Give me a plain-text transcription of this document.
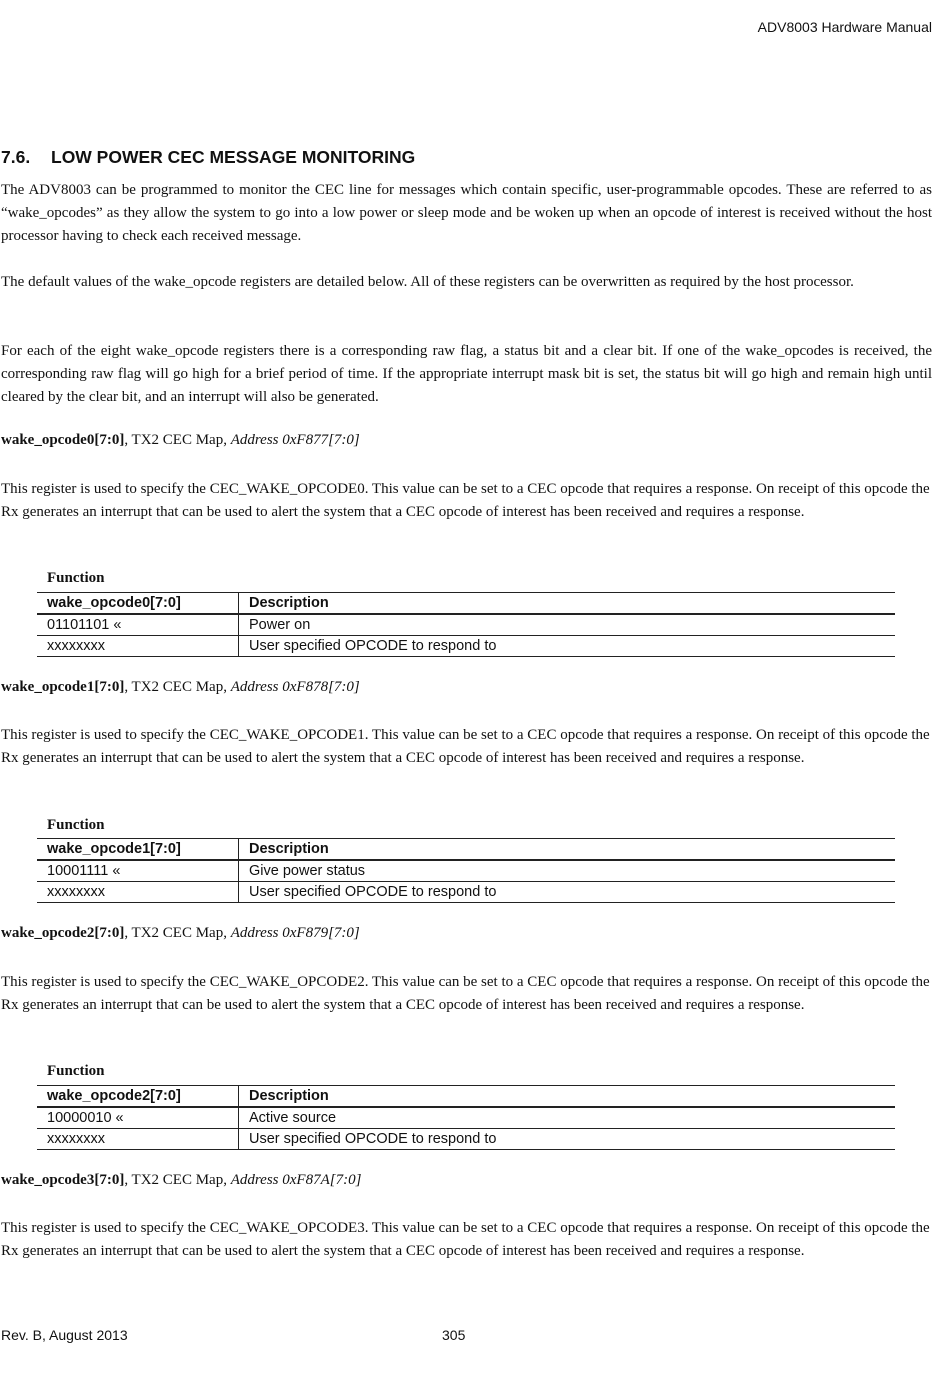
ADV8003 Hardware Manual
7.6. LOW POWER CEC MESSAGE MONITORING

The ADV8003 can be programmed to monitor the CEC line for messages which contain specific, user-programmable opcodes. These are referred to as “wake_opcodes” as they allow the system to go into a low power or sleep mode and be woken up when an opcode of interest is received without the host processor having to check each received message.

The default values of the wake_opcode registers are detailed below. All of these registers can be overwritten as required by the host processor.

For each of the eight wake_opcode registers there is a corresponding raw flag, a status bit and a clear bit. If one of the wake_opcodes is received, the corresponding raw flag will go high for a brief period of time. If the appropriate interrupt mask bit is set, the status bit will go high and remain high until cleared by the clear bit, and an interrupt will also be generated.

wake_opcode0[7:0], TX2 CEC Map, Address 0xF877[7:0]

This register is used to specify the CEC_WAKE_OPCODE0. This value can be set to a CEC opcode that requires a response. On receipt of this opcode the Rx generates an interrupt that can be used to alert the system that a CEC opcode of interest has been received and requires a response.

Function
wake_opcode0[7:0]	Description
01101101 «	Power on
xxxxxxxx	User specified OPCODE to respond to
wake_opcode1[7:0], TX2 CEC Map, Address 0xF878[7:0]

This register is used to specify the CEC_WAKE_OPCODE1. This value can be set to a CEC opcode that requires a response. On receipt of this opcode the Rx generates an interrupt that can be used to alert the system that a CEC opcode of interest has been received and requires a response.

Function
wake_opcode1[7:0]	Description
10001111 «	Give power status
xxxxxxxx	User specified OPCODE to respond to
wake_opcode2[7:0], TX2 CEC Map, Address 0xF879[7:0]

This register is used to specify the CEC_WAKE_OPCODE2. This value can be set to a CEC opcode that requires a response. On receipt of this opcode the Rx generates an interrupt that can be used to alert the system that a CEC opcode of interest has been received and requires a response.

Function
wake_opcode2[7:0]	Description
10000010 «	Active source
xxxxxxxx	User specified OPCODE to respond to
wake_opcode3[7:0], TX2 CEC Map, Address 0xF87A[7:0]

This register is used to specify the CEC_WAKE_OPCODE3. This value can be set to a CEC opcode that requires a response. On receipt of this opcode the Rx generates an interrupt that can be used to alert the system that a CEC opcode of interest has been received and requires a response.

Rev. B, August 2013	305
